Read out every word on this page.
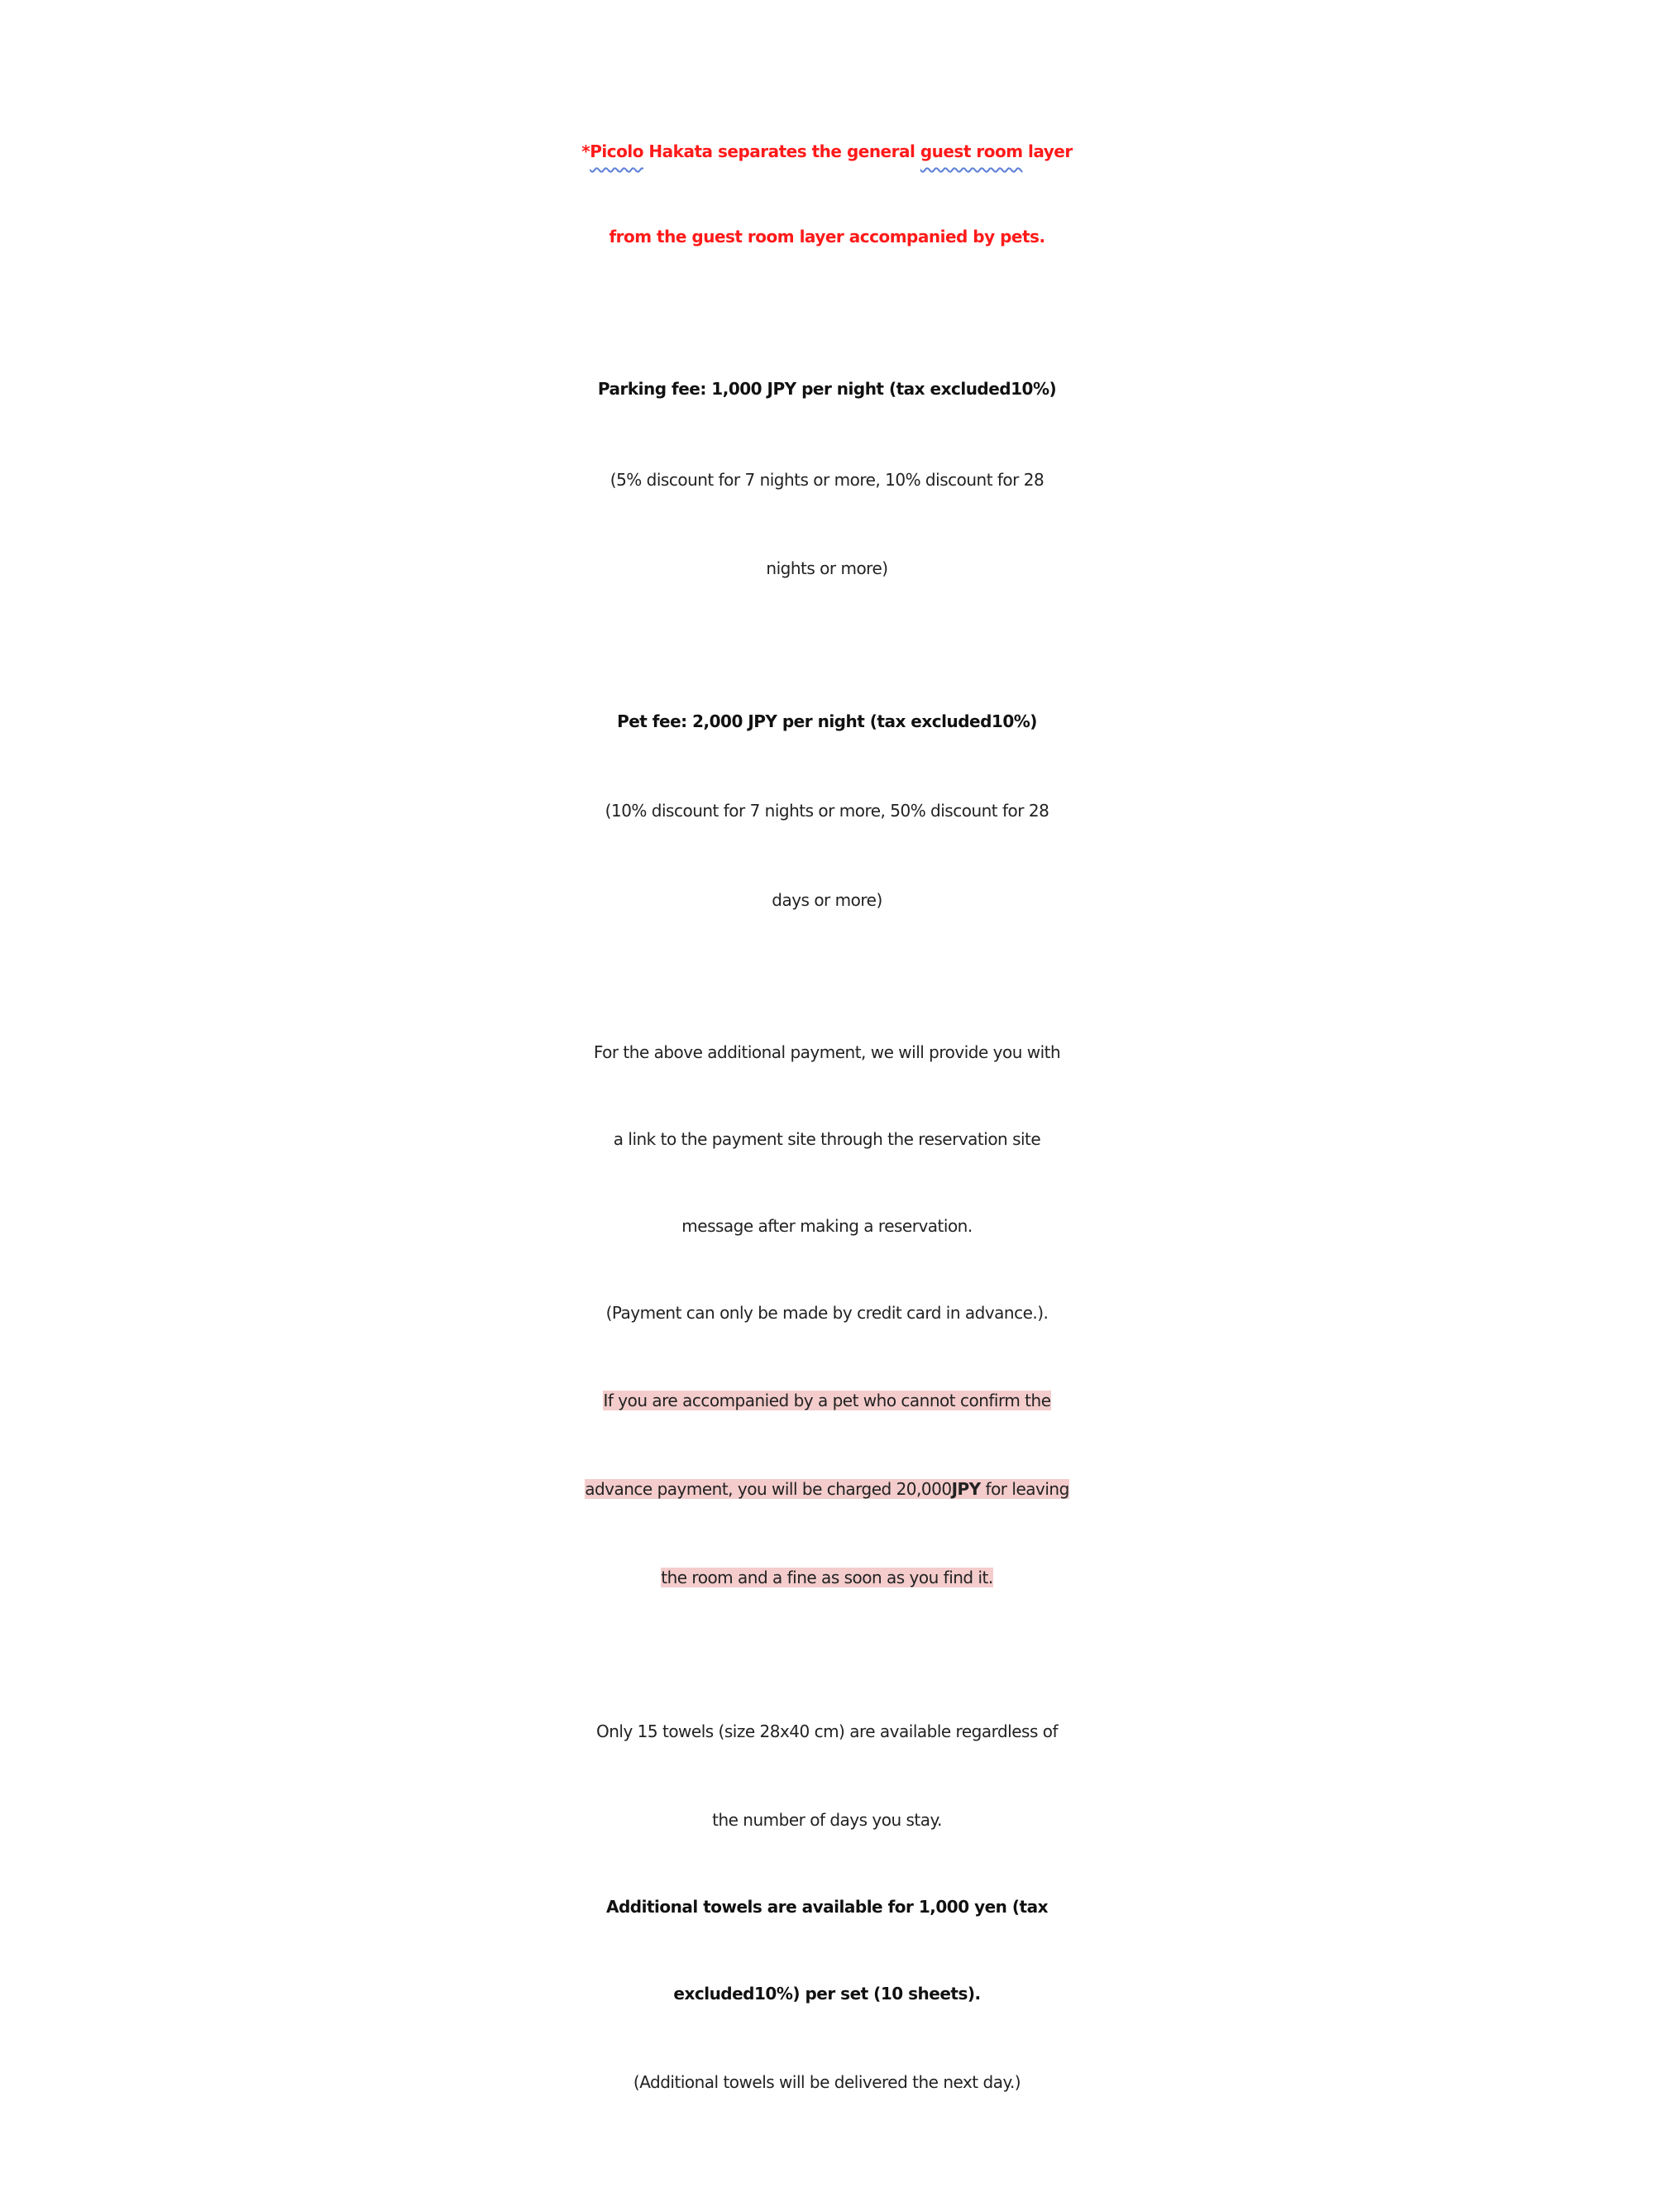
*Picolo Hakata separates the general guest room layer
from the guest room layer accompanied by pets.
Parking fee: 1,000 JPY per night (tax excluded10%)
(5% discount for 7 nights or more, 10% discount for 28
nights or more)
Pet fee: 2,000 JPY per night (tax excluded10%)
(10% discount for 7 nights or more, 50% discount for 28
days or more)
For the above additional payment, we will provide you with
a link to the payment site through the reservation site
message after making a reservation.
(Payment can only be made by credit card in advance.).
If you are accompanied by a pet who cannot confirm the
advance payment, you will be charged 20,000JPY for leaving
the room and a fine as soon as you find it.
Only 15 towels (size 28x40 cm) are available regardless of
the number of days you stay.
Additional towels are available for 1,000 yen (tax
excluded10%) per set (10 sheets).
(Additional towels will be delivered the next day.)
